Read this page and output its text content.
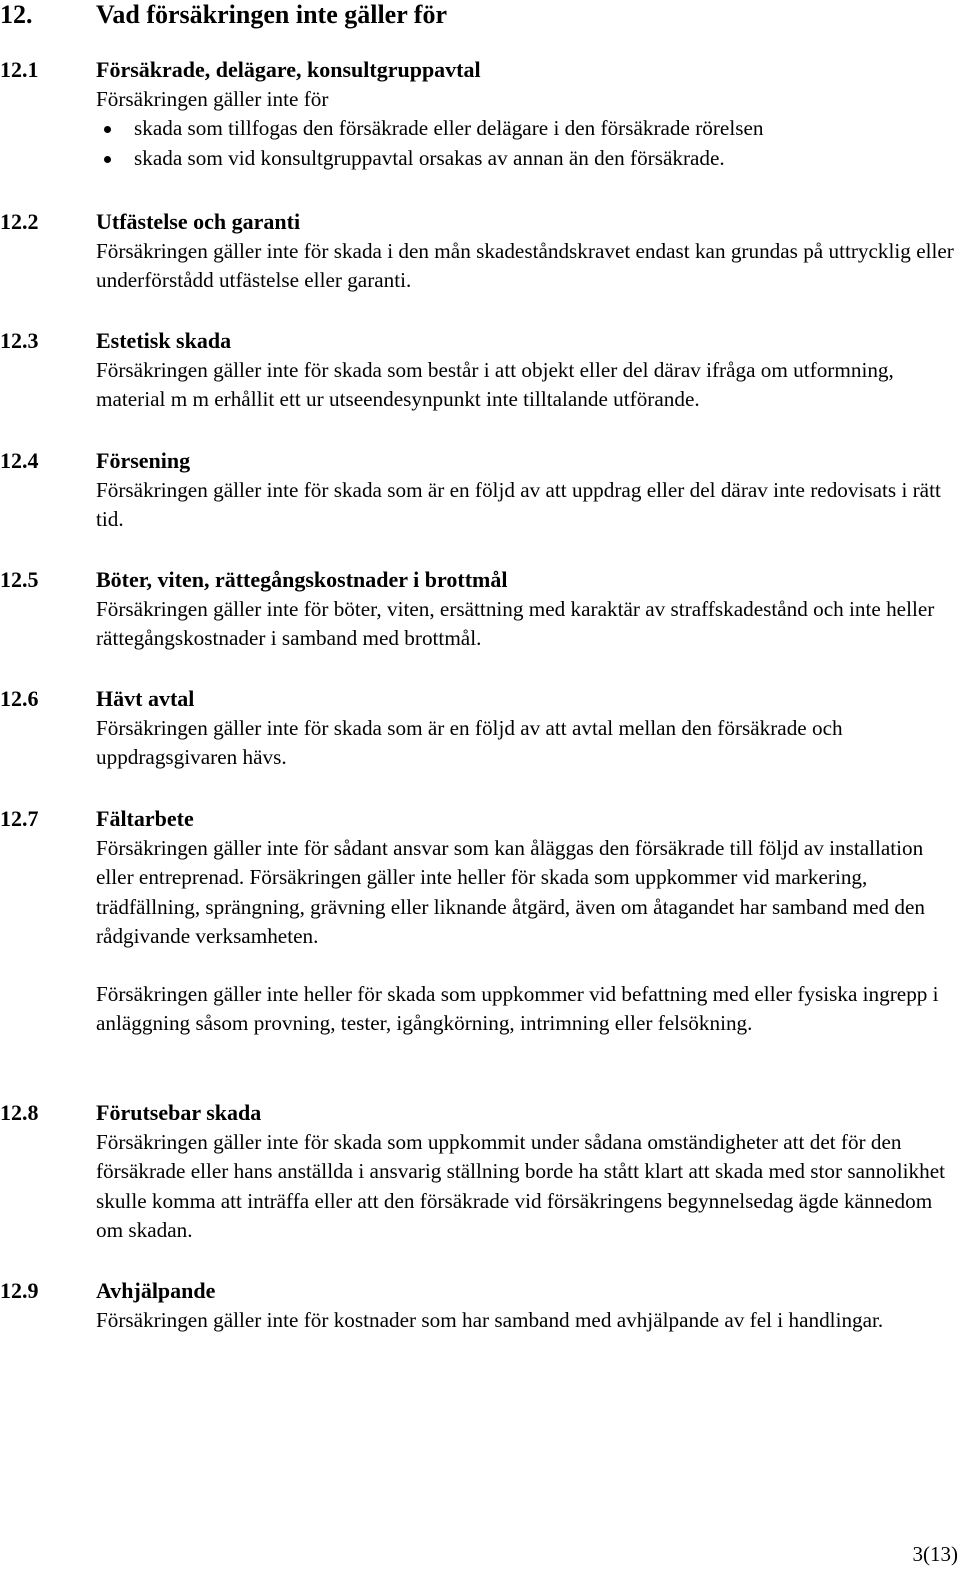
12. Vad försäkringen inte gäller för
12.1	Försäkrade, delägare, konsultgruppavtal

Försäkringen gäller inte för

skada som tillfogas den försäkrade eller delägare i den försäkrade rörelsen
skada som vid konsultgruppavtal orsakas av annan än den försäkrade.
12.2	Utfästelse och garanti

Försäkringen gäller inte för skada i den mån skadeståndskravet endast kan grundas på uttrycklig eller underförstådd utfästelse eller garanti.

12.3	Estetisk skada

Försäkringen gäller inte för skada som består i att objekt eller del därav ifråga om utformning, material m m erhållit ett ur utseendesynpunkt inte tilltalande utförande.

12.4	Försening

Försäkringen gäller inte för skada som är en följd av att uppdrag eller del därav inte redovisats i rätt tid.

12.5	Böter, viten, rättegångskostnader i brottmål

Försäkringen gäller inte för böter, viten, ersättning med karaktär av straffskadestånd och inte heller rättegångskostnader i samband med brottmål.

12.6	Hävt avtal

Försäkringen gäller inte för skada som är en följd av att avtal mellan den försäkrade och uppdragsgivaren hävs.

12.7	Fältarbete

Försäkringen gäller inte för sådant ansvar som kan åläggas den försäkrade till följd av installation eller entreprenad. Försäkringen gäller inte heller för skada som uppkommer vid markering, trädfällning, sprängning, grävning eller liknande åtgärd, även om åtagandet har samband med den rådgivande verksamheten.

Försäkringen gäller inte heller för skada som uppkommer vid befattning med eller fysiska ingrepp i anläggning såsom provning, tester, igångkörning, intrimning eller felsökning.

12.8	Förutsebar skada

Försäkringen gäller inte för skada som uppkommit under sådana omständigheter att det för den försäkrade eller hans anställda i ansvarig ställning borde ha stått klart att skada med stor sannolikhet skulle komma att inträffa eller att den försäkrade vid försäkringens begynnelsedag ägde kännedom om skadan.

12.9	Avhjälpande

Försäkringen gäller inte för kostnader som har samband med avhjälpande av fel i handlingar.

3(13)
